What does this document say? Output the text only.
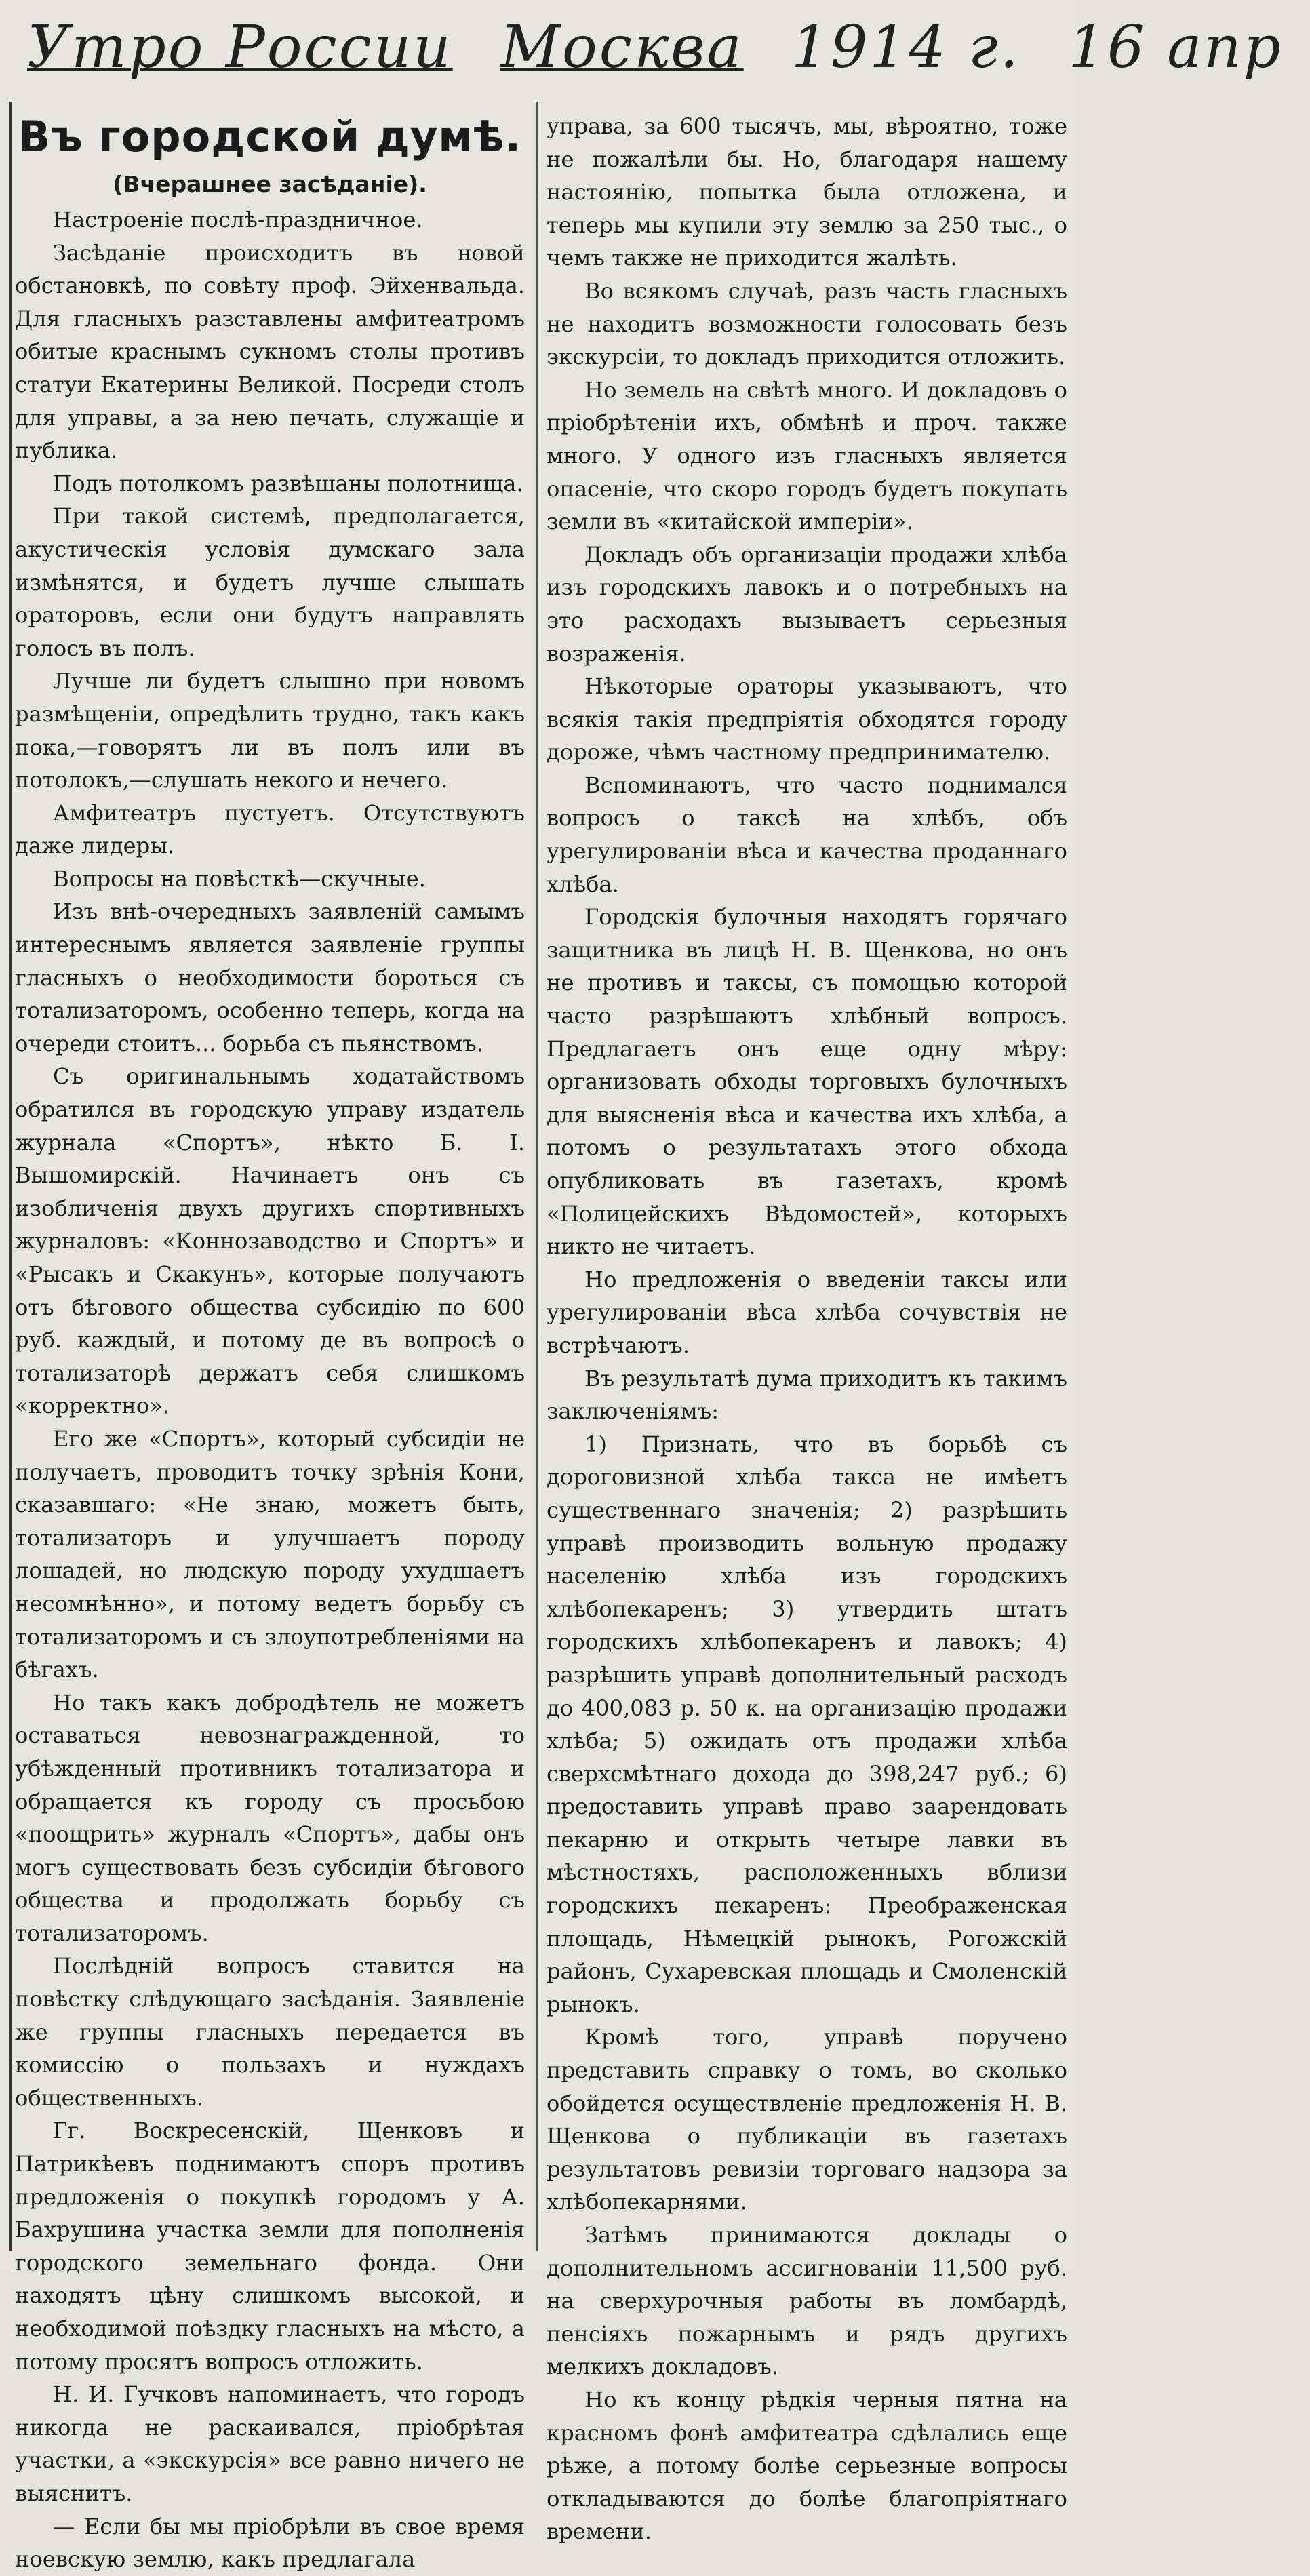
Утро России Москва 1914 г. 16 апр

Въ городской думѣ.

(Вчерашнее засѣданіе).

Настроеніе послѣ-праздничное.

Засѣданіе происходитъ въ новой обстановкѣ, по совѣту проф. Эйхенвальда. Для гласныхъ разставлены амфитеатромъ обитые краснымъ сукномъ столы противъ статуи Екатерины Великой. Посреди столъ для управы, а за нею печать, служащіе и публика.

Подъ потолкомъ развѣшаны полотнища.

При такой системѣ, предполагается, акустическія условія думскаго зала измѣнятся, и будетъ лучше слышать ораторовъ, если они будутъ направлять голосъ въ полъ.

Лучше ли будетъ слышно при новомъ размѣщеніи, опредѣлить трудно, такъ какъ пока,—говорятъ ли въ полъ или въ потолокъ,—слушать некого и нечего.

Амфитеатръ пустуетъ. Отсутствуютъ даже лидеры.

Вопросы на повѣсткѣ—скучные.

Изъ внѣ-очередныхъ заявленій самымъ интереснымъ является заявленіе группы гласныхъ о необходимости бороться съ тотализаторомъ, особенно теперь, когда на очереди стоитъ... борьба съ пьянствомъ.

Съ оригинальнымъ ходатайствомъ обратился въ городскую управу издатель журнала «Спортъ», нѣкто Б. І. Вышомирскій. Начинаетъ онъ съ изобличенія двухъ другихъ спортивныхъ журналовъ: «Коннозаводство и Спортъ» и «Рысакъ и Скакунъ», которые получаютъ отъ бѣгового общества субсидію по 600 руб. каждый, и потому де въ вопросѣ о тотализаторѣ держатъ себя слишкомъ «корректно».

Его же «Спортъ», который субсидіи не получаетъ, проводитъ точку зрѣнія Кони, сказавшаго: «Не знаю, можетъ быть, тотализаторъ и улучшаетъ породу лошадей, но людскую породу ухудшаетъ несомнѣнно», и потому ведетъ борьбу съ тотализаторомъ и съ злоупотребленіями на бѣгахъ.

Но такъ какъ добродѣтель не можетъ оставаться невознагражденной, то убѣжденный противникъ тотализатора и обращается къ городу съ просьбою «поощрить» журналъ «Спортъ», дабы онъ могъ существовать безъ субсидіи бѣгового общества и продолжать борьбу съ тотализаторомъ.

Послѣдній вопросъ ставится на повѣстку слѣдующаго засѣданія. Заявленіе же группы гласныхъ передается въ комиссію о пользахъ и нуждахъ общественныхъ.

Гг. Воскресенскій, Щенковъ и Патрикѣевъ поднимаютъ споръ противъ предложенія о покупкѣ городомъ у А. Бахрушина участка земли для пополненія городского земельнаго фонда. Они находятъ цѣну слишкомъ высокой, и необходимой поѣздку гласныхъ на мѣсто, а потому просятъ вопросъ отложить.

Н. И. Гучковъ напоминаетъ, что городъ никогда не раскаивался, пріобрѣтая участки, а «экскурсія» все равно ничего не выяснитъ.

— Если бы мы пріобрѣли въ свое время ноевскую землю, какъ предлагала

управа, за 600 тысячъ, мы, вѣроятно, тоже не пожалѣли бы. Но, благодаря нашему настоянію, попытка была отложена, и теперь мы купили эту землю за 250 тыс., о чемъ также не приходится жалѣть.

Во всякомъ случаѣ, разъ часть гласныхъ не находитъ возможности голосовать безъ экскурсіи, то докладъ приходится отложить.

Но земель на свѣтѣ много. И докладовъ о пріобрѣтеніи ихъ, обмѣнѣ и проч. также много. У одного изъ гласныхъ является опасеніе, что скоро городъ будетъ покупать земли въ «китайской имперіи».

Докладъ объ организаціи продажи хлѣба изъ городскихъ лавокъ и о потребныхъ на это расходахъ вызываетъ серьезныя возраженія.

Нѣкоторые ораторы указываютъ, что всякія такія предпріятія обходятся городу дороже, чѣмъ частному предпринимателю.

Вспоминаютъ, что часто поднимался вопросъ о таксѣ на хлѣбъ, объ урегулированіи вѣса и качества проданнаго хлѣба.

Городскія булочныя находятъ горячаго защитника въ лицѣ Н. В. Щенкова, но онъ не противъ и таксы, съ помощью которой часто разрѣшаютъ хлѣбный вопросъ. Предлагаетъ онъ еще одну мѣру: организовать обходы торговыхъ булочныхъ для выясненія вѣса и качества ихъ хлѣба, а потомъ о результатахъ этого обхода опубликовать въ газетахъ, кромѣ «Полицейскихъ Вѣдомостей», которыхъ никто не читаетъ.

Но предложенія о введеніи таксы или урегулированіи вѣса хлѣба сочувствія не встрѣчаютъ.

Въ результатѣ дума приходитъ къ такимъ заключеніямъ:

1) Признать, что въ борьбѣ съ дороговизной хлѣба такса не имѣетъ существеннаго значенія; 2) разрѣшить управѣ производить вольную продажу населенію хлѣба изъ городскихъ хлѣбопекаренъ; 3) утвердить штатъ городскихъ хлѣбопекаренъ и лавокъ; 4) разрѣшить управѣ дополнительный расходъ до 400,083 р. 50 к. на организацію продажи хлѣба; 5) ожидать отъ продажи хлѣба сверхсмѣтнаго дохода до 398,247 руб.; 6) предоставить управѣ право заарендовать пекарню и открыть четыре лавки въ мѣстностяхъ, расположенныхъ вблизи городскихъ пекаренъ: Преображенская площадь, Нѣмецкій рынокъ, Рогожскій районъ, Сухаревская площадь и Смоленскій рынокъ.

Кромѣ того, управѣ поручено представить справку о томъ, во сколько обойдется осуществленіе предложенія Н. В. Щенкова о публикаціи въ газетахъ результатовъ ревизіи торговаго надзора за хлѣбопекарнями.

Затѣмъ принимаются доклады о дополнительномъ ассигнованіи 11,500 руб. на сверхурочныя работы въ ломбардѣ, пенсіяхъ пожарнымъ и рядъ другихъ мелкихъ докладовъ.

Но къ концу рѣдкія черныя пятна на красномъ фонѣ амфитеатра сдѣлались еще рѣже, а потому болѣе серьезные вопросы откладываются до болѣе благопріятнаго времени.
